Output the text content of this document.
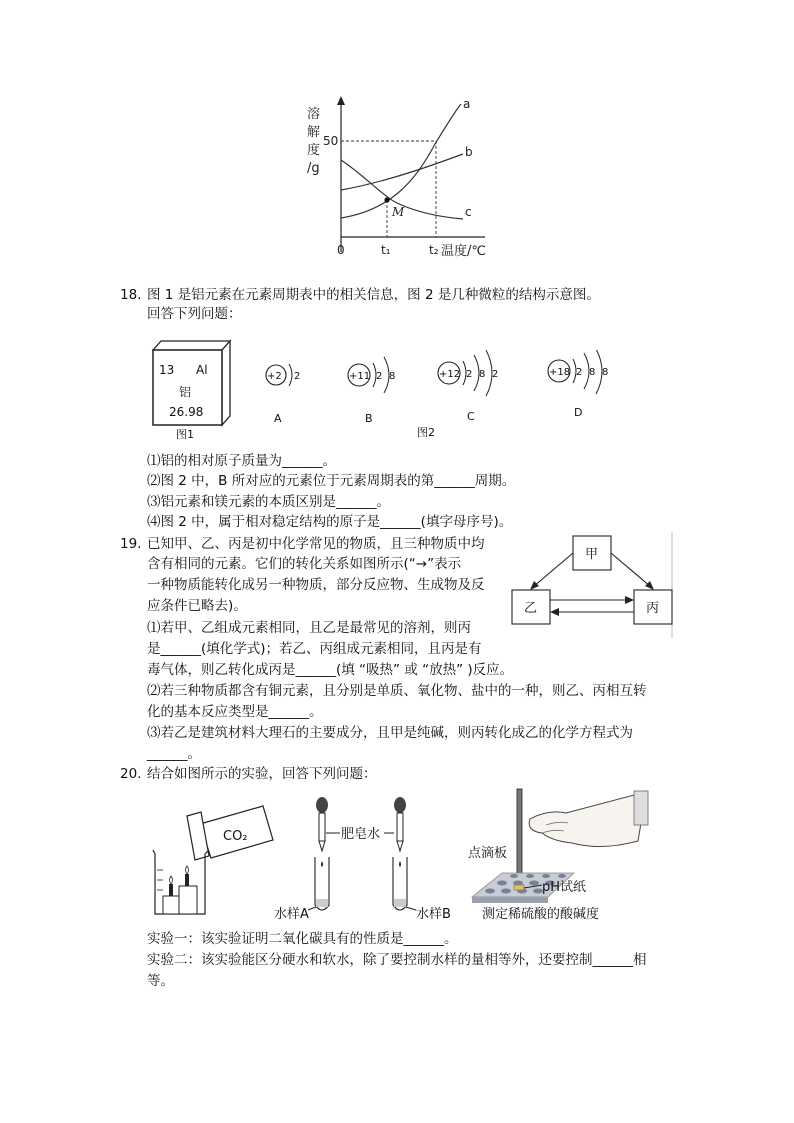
溶
解
度
/g
50
0	t₁	t₂ 温度/℃
a
b
c
M
18. 图 1 是铝元素在元素周期表中的相关信息，图 2 是几种微粒的结构示意图。
回答下列问题：
13 Al
铝
26.98
图1
+2 2
A
+11 2 8
B
+12 2 8 2
C
+18 2 8 8
D
图2
⑴铝的相对原子质量为______。
⑵图 2 中，B 所对应的元素位于元素周期表的第______周期。
⑶铝元素和镁元素的本质区别是______。
⑷图 2 中，属于相对稳定结构的原子是______(填字母序号)。
19. 已知甲、乙、丙是初中化学常见的物质，且三种物质中均
含有相同的元素。它们的转化关系如图所示(“→”表示
一种物质能转化成另一种物质，部分反应物、生成物及反
应条件已略去)。
⑴若甲、乙组成元素相同，且乙是最常见的溶剂，则丙
是______(填化学式)；若乙、丙组成元素相同，且丙是有
毒气体，则乙转化成丙是______(填 “吸热” 或 “放热” )反应。
⑵若三种物质都含有铜元素，且分别是单质、氧化物、盐中的一种，则乙、丙相互转
化的基本反应类型是______。
⑶若乙是建筑材料大理石的主要成分，且甲是纯碱，则丙转化成乙的化学方程式为
______。
甲
乙	丙
20. 结合如图所示的实验，回答下列问题：
CO₂	肥皂水
水样A	水样B
点滴板
pH试纸
测定稀硫酸的酸碱度
实验一：该实验证明二氧化碳具有的性质是______。
实验二：该实验能区分硬水和软水，除了要控制水样的量相等外，还要控制______相
等。
